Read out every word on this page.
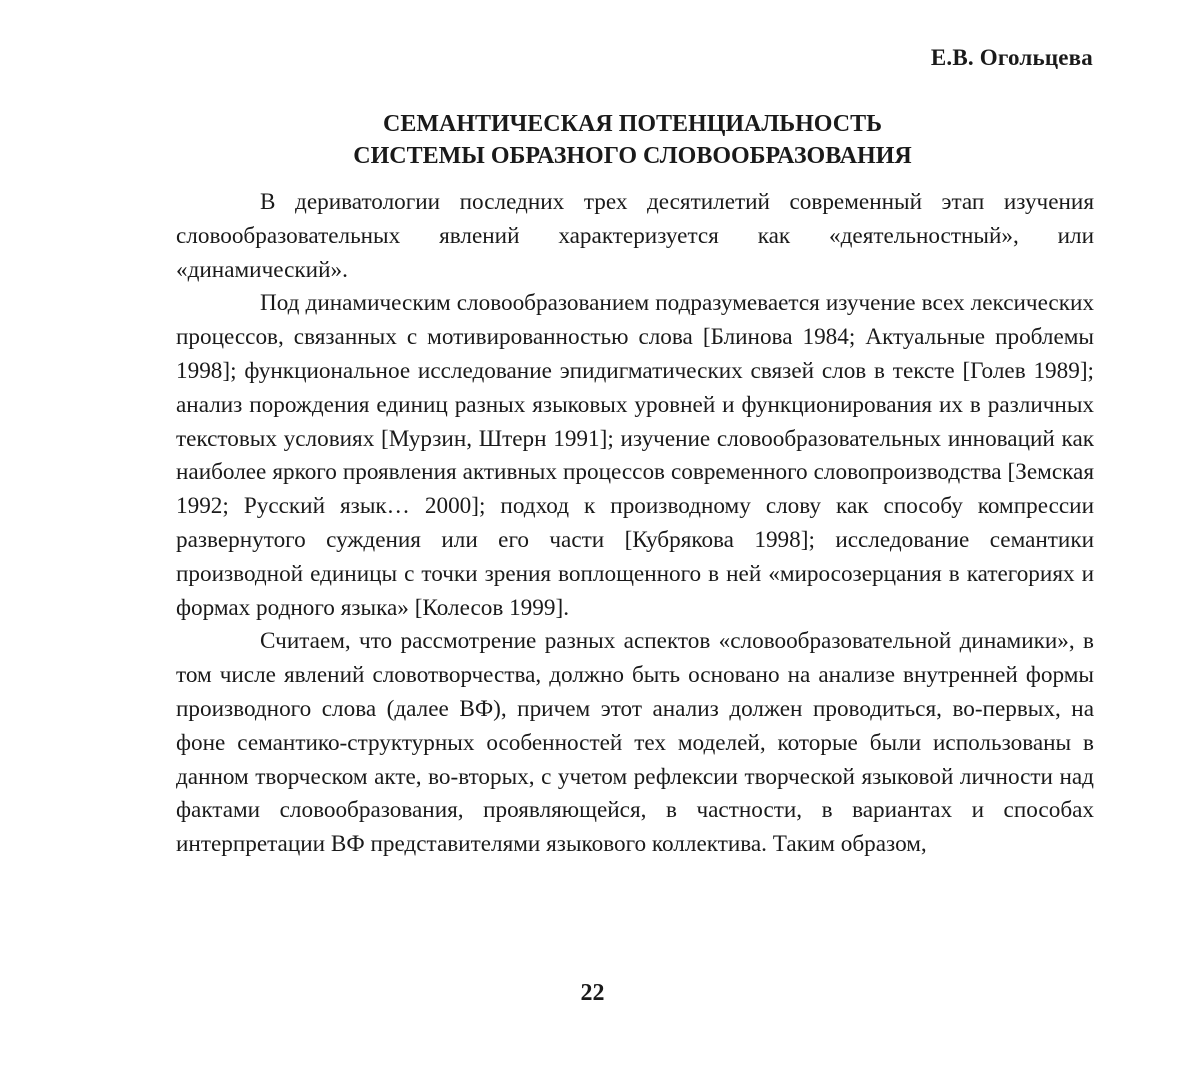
Е.В. Огольцева
СЕМАНТИЧЕСКАЯ ПОТЕНЦИАЛЬНОСТЬ
СИСТЕМЫ ОБРАЗНОГО СЛОВООБРАЗОВАНИЯ

В дериватологии последних трех десятилетий современный этап изучения словообразовательных явлений характеризуется как «деятельностный», или «динамический».

Под динамическим словообразованием подразумевается изучение всех лексических процессов, связанных с мотивированностью слова [Блинова 1984; Актуальные проблемы 1998]; функциональное исследование эпидигматических связей слов в тексте [Голев 1989]; анализ порождения единиц разных языковых уровней и функционирования их в различных текстовых условиях [Мурзин, Штерн 1991]; изучение словообразовательных инноваций как наиболее яркого проявления активных процессов современного словопроизводства [Земская 1992; Русский язык… 2000]; подход к производному слову как способу компрессии развернутого суждения или его части [Кубрякова 1998]; исследование семантики производной единицы с точки зрения воплощенного в ней «миросозерцания в категориях и формах родного языка» [Колесов 1999].

Считаем, что рассмотрение разных аспектов «словообразовательной динамики», в том числе явлений словотворчества, должно быть основано на анализе внутренней формы производного слова (далее ВФ), причем этот анализ должен проводиться, во-первых, на фоне семантико-структурных особенностей тех моделей, которые были использованы в данном творческом акте, во-вторых, с учетом рефлексии творческой языковой личности над фактами словообразования, проявляющейся, в частности, в вариантах и способах интерпретации ВФ представителями языкового коллектива. Таким образом,

22
